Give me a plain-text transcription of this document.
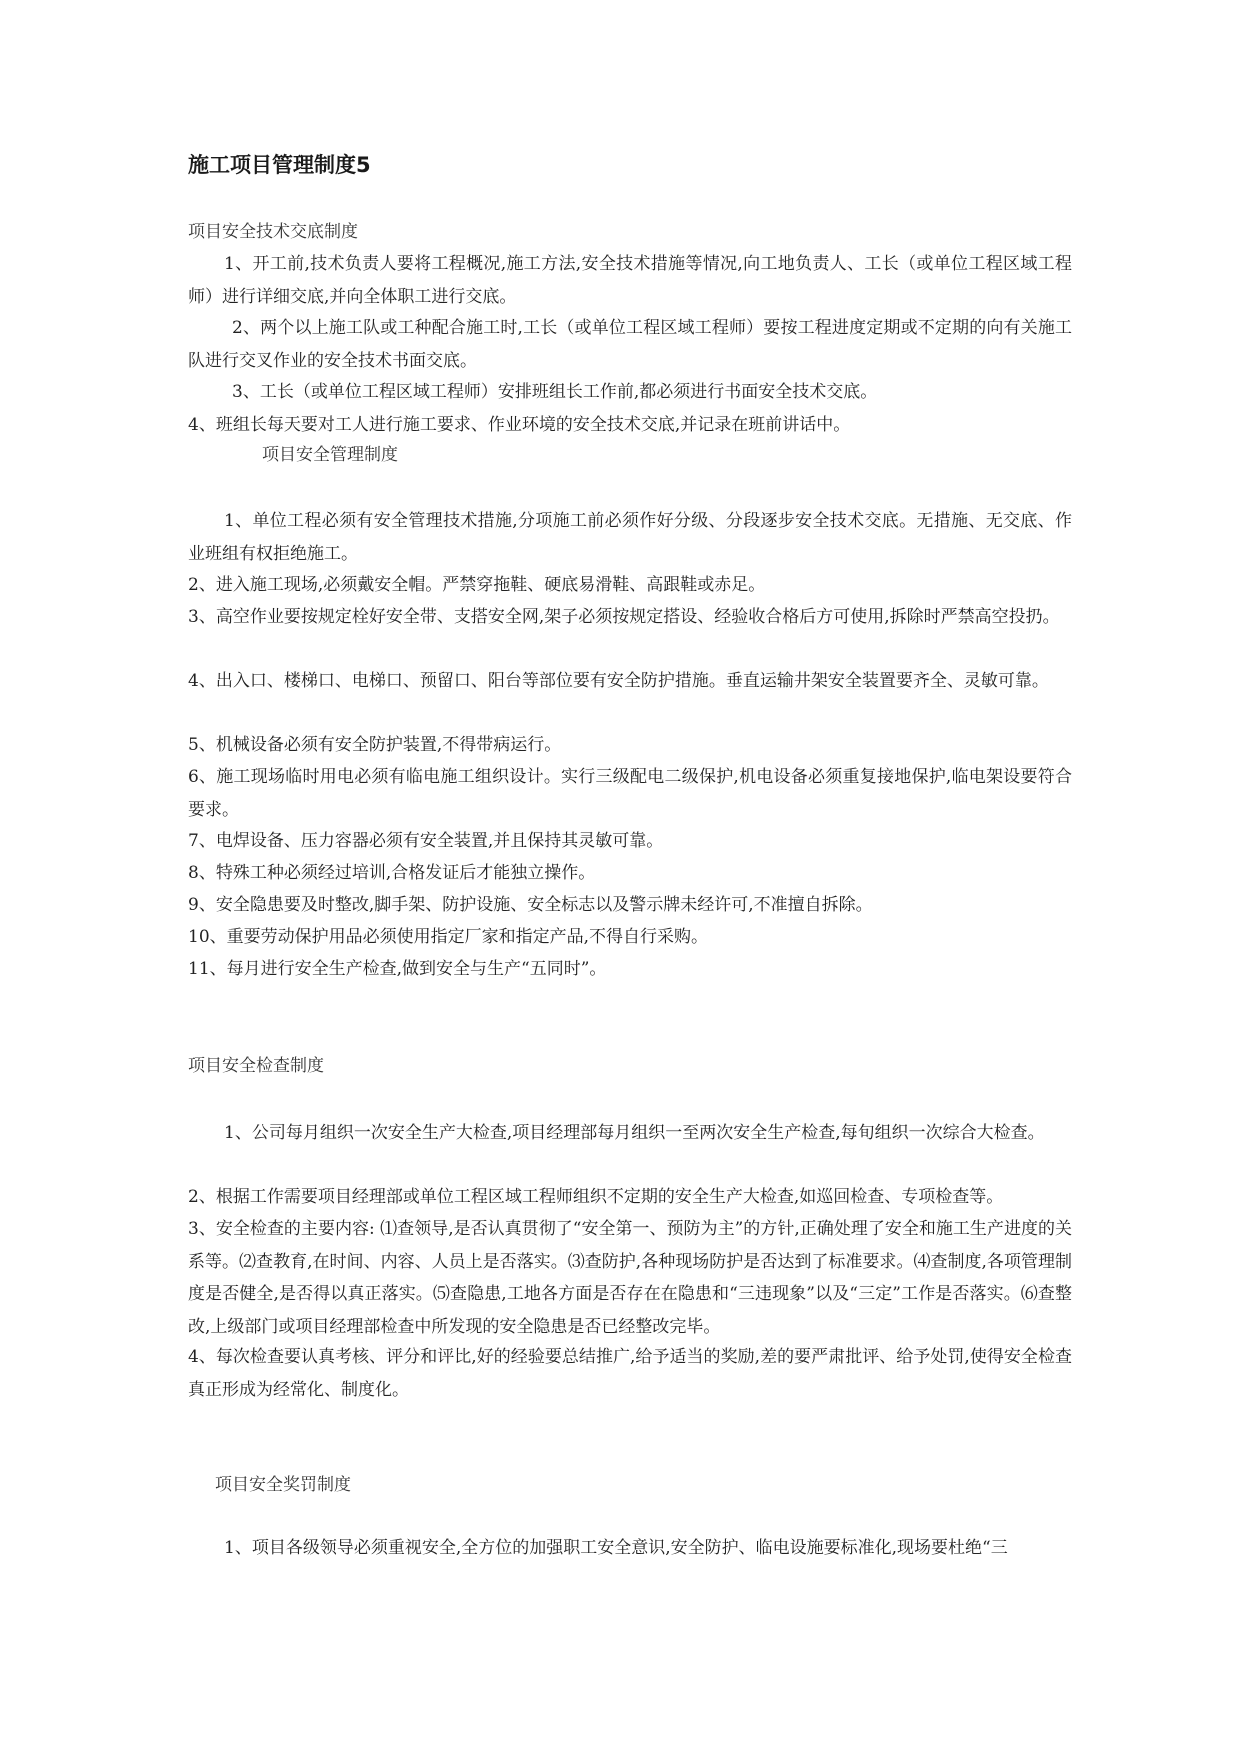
施工项目管理制度5
项目安全技术交底制度
1、开工前,技术负责人要将工程概况,施工方法,安全技术措施等情况,向工地负责人、工长（或单位工程区域工程师）进行详细交底,并向全体职工进行交底。
2、两个以上施工队或工种配合施工时,工长（或单位工程区域工程师）要按工程进度定期或不定期的向有关施工队进行交叉作业的安全技术书面交底。
3、工长（或单位工程区域工程师）安排班组长工作前,都必须进行书面安全技术交底。
4、班组长每天要对工人进行施工要求、作业环境的安全技术交底,并记录在班前讲话中。
项目安全管理制度
1、单位工程必须有安全管理技术措施,分项施工前必须作好分级、分段逐步安全技术交底。无措施、无交底、作业班组有权拒绝施工。
2、进入施工现场,必须戴安全帽。严禁穿拖鞋、硬底易滑鞋、高跟鞋或赤足。
3、高空作业要按规定栓好安全带、支搭安全网,架子必须按规定搭设、经验收合格后方可使用,拆除时严禁高空投扔。
4、出入口、楼梯口、电梯口、预留口、阳台等部位要有安全防护措施。垂直运输井架安全装置要齐全、灵敏可靠。
5、机械设备必须有安全防护装置,不得带病运行。
6、施工现场临时用电必须有临电施工组织设计。实行三级配电二级保护,机电设备必须重复接地保护,临电架设要符合要求。
7、电焊设备、压力容器必须有安全装置,并且保持其灵敏可靠。
8、特殊工种必须经过培训,合格发证后才能独立操作。
9、安全隐患要及时整改,脚手架、防护设施、安全标志以及警示牌未经许可,不准擅自拆除。
10、重要劳动保护用品必须使用指定厂家和指定产品,不得自行采购。
11、每月进行安全生产检查,做到安全与生产“五同时”。
项目安全检查制度
1、公司每月组织一次安全生产大检查,项目经理部每月组织一至两次安全生产检查,每旬组织一次综合大检查。
2、根据工作需要项目经理部或单位工程区域工程师组织不定期的安全生产大检查,如巡回检查、专项检查等。
3、安全检查的主要内容: ⑴查领导,是否认真贯彻了“安全第一、预防为主”的方针,正确处理了安全和施工生产进度的关系等。⑵查教育,在时间、内容、人员上是否落实。⑶查防护,各种现场防护是否达到了标准要求。⑷查制度,各项管理制度是否健全,是否得以真正落实。⑸查隐患,工地各方面是否存在在隐患和“三违现象”以及“三定”工作是否落实。⑹查整改,上级部门或项目经理部检查中所发现的安全隐患是否已经整改完毕。
4、每次检查要认真考核、评分和评比,好的经验要总结推广,给予适当的奖励,差的要严肃批评、给予处罚,使得安全检查真正形成为经常化、制度化。
项目安全奖罚制度
1、项目各级领导必须重视安全,全方位的加强职工安全意识,安全防护、临电设施要标准化,现场要杜绝“三
